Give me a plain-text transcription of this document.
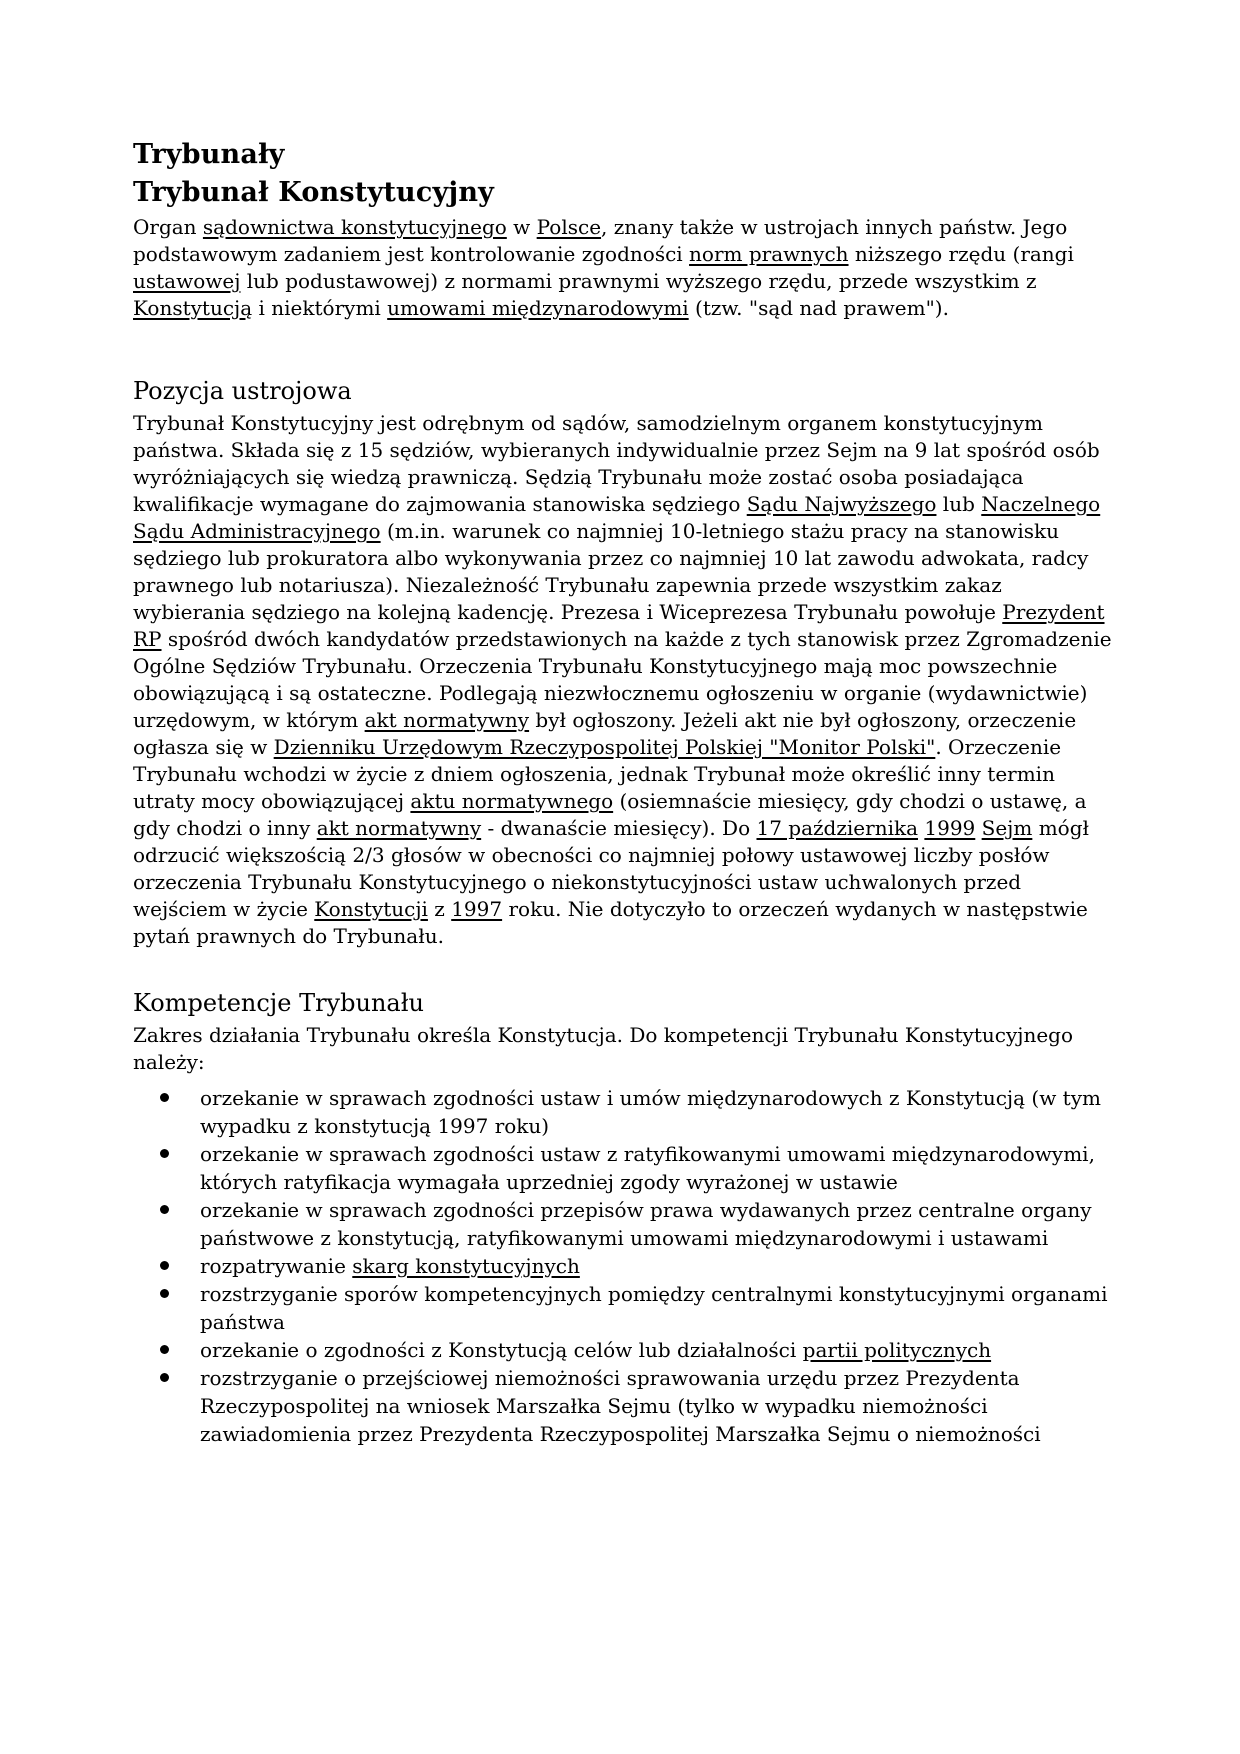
Trybunały
Trybunał Konstytucyjny

Organ sądownictwa konstytucyjnego w Polsce, znany także w ustrojach innych państw. Jego podstawowym zadaniem jest kontrolowanie zgodności norm prawnych niższego rzędu (rangi ustawowej lub podustawowej) z normami prawnymi wyższego rzędu, przede wszystkim z Konstytucją i niektórymi umowami międzynarodowymi (tzw. "sąd nad prawem").

Pozycja ustrojowa

Trybunał Konstytucyjny jest odrębnym od sądów, samodzielnym organem konstytucyjnym państwa. Składa się z 15 sędziów, wybieranych indywidualnie przez Sejm na 9 lat spośród osób wyróżniających się wiedzą prawniczą. Sędzią Trybunału może zostać osoba posiadająca kwalifikacje wymagane do zajmowania stanowiska sędziego Sądu Najwyższego lub Naczelnego Sądu Administracyjnego (m.in. warunek co najmniej 10-letniego stażu pracy na stanowisku sędziego lub prokuratora albo wykonywania przez co najmniej 10 lat zawodu adwokata, radcy prawnego lub notariusza). Niezależność Trybunału zapewnia przede wszystkim zakaz wybierania sędziego na kolejną kadencję. Prezesa i Wiceprezesa Trybunału powołuje Prezydent RP spośród dwóch kandydatów przedstawionych na każde z tych stanowisk przez Zgromadzenie Ogólne Sędziów Trybunału. Orzeczenia Trybunału Konstytucyjnego mają moc powszechnie obowiązującą i są ostateczne. Podlegają niezwłocznemu ogłoszeniu w organie (wydawnictwie) urzędowym, w którym akt normatywny był ogłoszony. Jeżeli akt nie był ogłoszony, orzeczenie ogłasza się w Dzienniku Urzędowym Rzeczypospolitej Polskiej "Monitor Polski". Orzeczenie Trybunału wchodzi w życie z dniem ogłoszenia, jednak Trybunał może określić inny termin utraty mocy obowiązującej aktu normatywnego (osiemnaście miesięcy, gdy chodzi o ustawę, a gdy chodzi o inny akt normatywny - dwanaście miesięcy). Do 17 października 1999 Sejm mógł odrzucić większością 2/3 głosów w obecności co najmniej połowy ustawowej liczby posłów orzeczenia Trybunału Konstytucyjnego o niekonstytucyjności ustaw uchwalonych przed wejściem w życie Konstytucji z 1997 roku. Nie dotyczyło to orzeczeń wydanych w następstwie pytań prawnych do Trybunału.

Kompetencje Trybunału

Zakres działania Trybunału określa Konstytucja. Do kompetencji Trybunału Konstytucyjnego należy:

orzekanie w sprawach zgodności ustaw i umów międzynarodowych z Konstytucją (w tym wypadku z konstytucją 1997 roku)
orzekanie w sprawach zgodności ustaw z ratyfikowanymi umowami międzynarodowymi, których ratyfikacja wymagała uprzedniej zgody wyrażonej w ustawie
orzekanie w sprawach zgodności przepisów prawa wydawanych przez centralne organy państwowe z konstytucją, ratyfikowanymi umowami międzynarodowymi i ustawami
rozpatrywanie skarg konstytucyjnych
rozstrzyganie sporów kompetencyjnych pomiędzy centralnymi konstytucyjnymi organami państwa
orzekanie o zgodności z Konstytucją celów lub działalności partii politycznych
rozstrzyganie o przejściowej niemożności sprawowania urzędu przez Prezydenta Rzeczypospolitej na wniosek Marszałka Sejmu (tylko w wypadku niemożności zawiadomienia przez Prezydenta Rzeczypospolitej Marszałka Sejmu o niemożności
